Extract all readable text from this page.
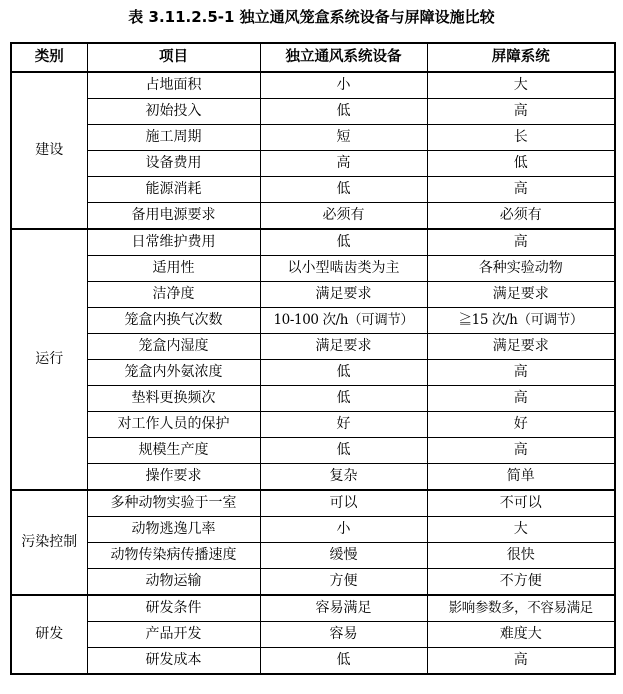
表 3.11.2.5-1 独立通风笼盒系统设备与屏障设施比较
类别	项目	独立通风系统设备	屏障系统
建设	占地面积	小	大
	初始投入	低	高
	施工周期	短	长
	设备费用	高	低
	能源消耗	低	高
	备用电源要求	必须有	必须有
运行	日常维护费用	低	高
	适用性	以小型啮齿类为主	各种实验动物
	洁净度	满足要求	满足要求
	笼盒内换气次数	10-100 次/h（可调节）	≧15 次/h（可调节）
	笼盒内湿度	满足要求	满足要求
	笼盒内外氨浓度	低	高
	垫料更换频次	低	高
	对工作人员的保护	好	好
	规模生产度	低	高
	操作要求	复杂	简单
污染控制	多种动物实验于一室	可以	不可以
	动物逃逸几率	小	大
	动物传染病传播速度	缓慢	很快
	动物运输	方便	不方便
研发	研发条件	容易满足	影响参数多，不容易满足
	产品开发	容易	难度大
	研发成本	低	高
